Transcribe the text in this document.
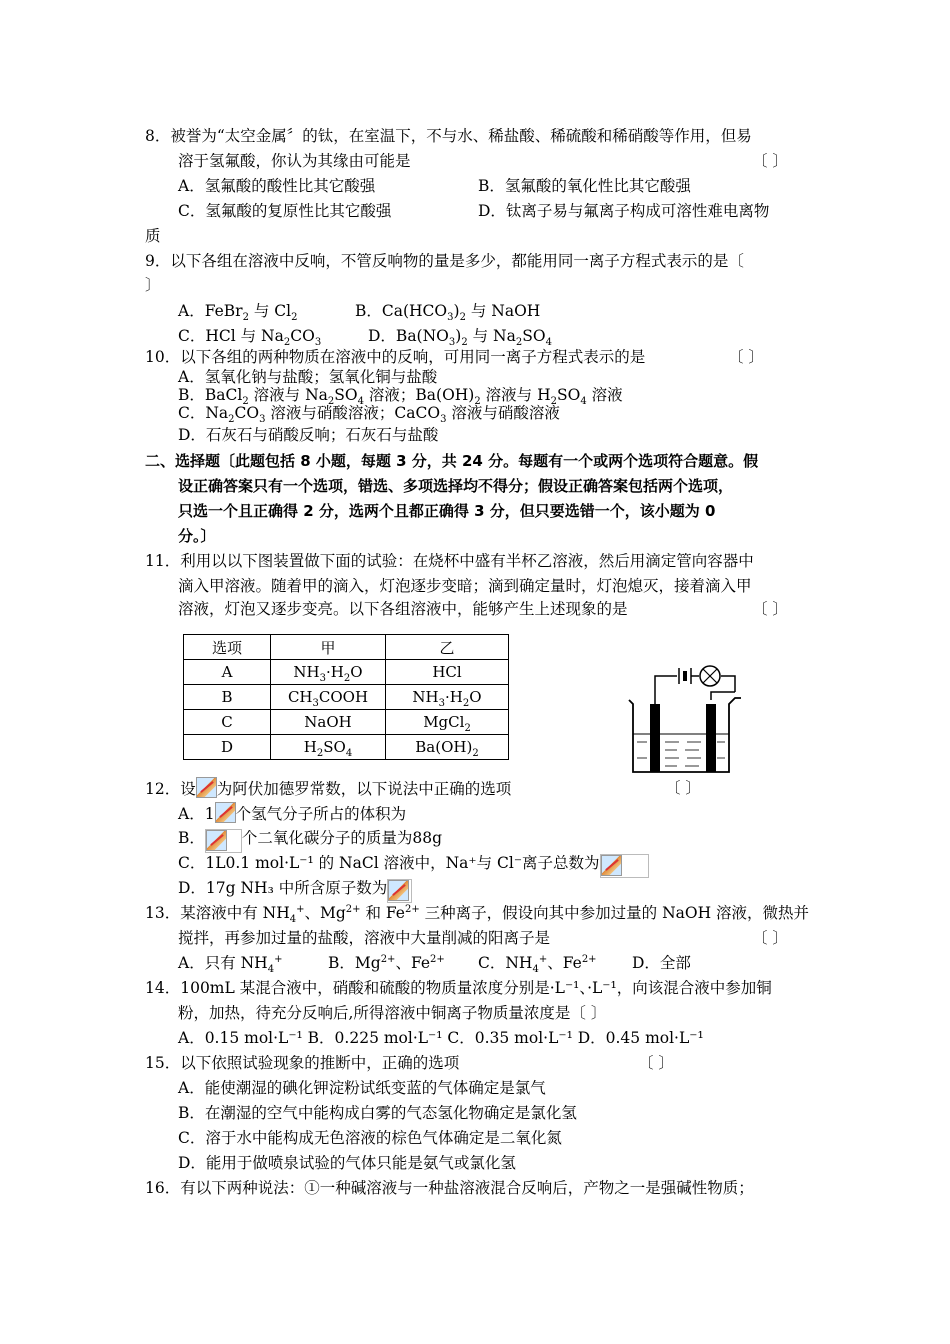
8．被誉为“太空金属〞的钛，在室温下，不与水、稀盐酸、稀硫酸和稀硝酸等作用，但易
溶于氢氟酸，你认为其缘由可能是	〔 〕
A．氢氟酸的酸性比其它酸强	B．氢氟酸的氧化性比其它酸强
C．氢氟酸的复原性比其它酸强	D．钛离子易与氟离子构成可溶性难电离物
质
9．以下各组在溶液中反响，不管反响物的量是多少，都能用同一离子方程式表示的是〔
〕
A．FeBr$_2$ 与 $Cl_2$	B．$Ca(HCO_3)_2$ 与 NaOH
C．HCl 与 $Na_2CO_3$	D．$Ba(NO_3)_2$ 与 $Na_2SO_4$
10．以下各组的两种物质在溶液中的反响，可用同一离子方程式表示的是	〔 〕
A．氢氧化钠与盐酸；氢氧化铜与盐酸
B．BaCl$_2$ 溶液与 $Na_2SO_4$ 溶液；$Ba(OH)_2$ 溶液与 $H_2SO_4$ 溶液
C．$Na_2CO_3$ 溶液与硝酸溶液；CaCO$_3$ 溶液与硝酸溶液
D．石灰石与硝酸反响；石灰石与盐酸
二、选择题〔此题包括 8 小题，每题 3 分，共 24 分。每题有一个或两个选项符合题意。假
设正确答案只有一个选项，错选、多项选择均不得分；假设正确答案包括两个选项，
只选一个且正确得 2 分，选两个且都正确得 3 分，但只要选错一个，该小题为 0
分。〕
11．利用以以下图装置做下面的试验：在烧杯中盛有半杯乙溶液，然后用滴定管向容器中
滴入甲溶液。随着甲的滴入，灯泡逐步变暗；滴到确定量时，灯泡熄灭，接着滴入甲
溶液，灯泡又逐步变亮。以下各组溶液中，能够产生上述现象的是	〔 〕
选项	甲	乙
A	$NH_3\cdot H_2O$	HCl
B	$CH_3COOH$	$NH_3\cdot H_2O$
C	NaOH	MgCl$_2$
D	$H_2SO_4$	$Ba(OH)_2$
〔 〕
12．设 为阿伏加德罗常数，以下说法中正确的选项
A．1 个氢气分子所占的体积为
B． 个二氧化碳分子的质量为88g
C．1L0.1 mol·L⁻¹ 的 NaCl 溶液中，Na⁺与 Cl⁻离子总数为
D．17g NH₃ 中所含原子数为
13．某溶液中有 $NH_4^+$、$Mg^{2+}$ 和 $Fe^{2+}$ 三种离子，假设向其中参加过量的 NaOH 溶液，微热并
搅拌，再参加过量的盐酸，溶液中大量削减的阳离子是	〔 〕
A．只有 $NH_4^+$	B．$Mg^{2+}$、$Fe^{2+}$ C．$NH_4^+$、$Fe^{2+}$ D．全部
14．100mL 某混合液中，硝酸和硫酸的物质量浓度分别是·L⁻¹、·L⁻¹，向该混合液中参加铜
粉，加热，待充分反响后,所得溶液中铜离子物质量浓度是〔 〕
A．0.15 mol·L⁻¹ B．0.225 mol·L⁻¹ C．0.35 mol·L⁻¹ D．0.45 mol·L⁻¹
15．以下依照试验现象的推断中，正确的选项	〔 〕
A．能使潮湿的碘化钾淀粉试纸变蓝的气体确定是氯气
B．在潮湿的空气中能构成白雾的气态氢化物确定是氯化氢
C．溶于水中能构成无色溶液的棕色气体确定是二氧化氮
D．能用于做喷泉试验的气体只能是氨气或氯化氢
16．有以下两种说法：①一种碱溶液与一种盐溶液混合反响后，产物之一是强碱性物质；
